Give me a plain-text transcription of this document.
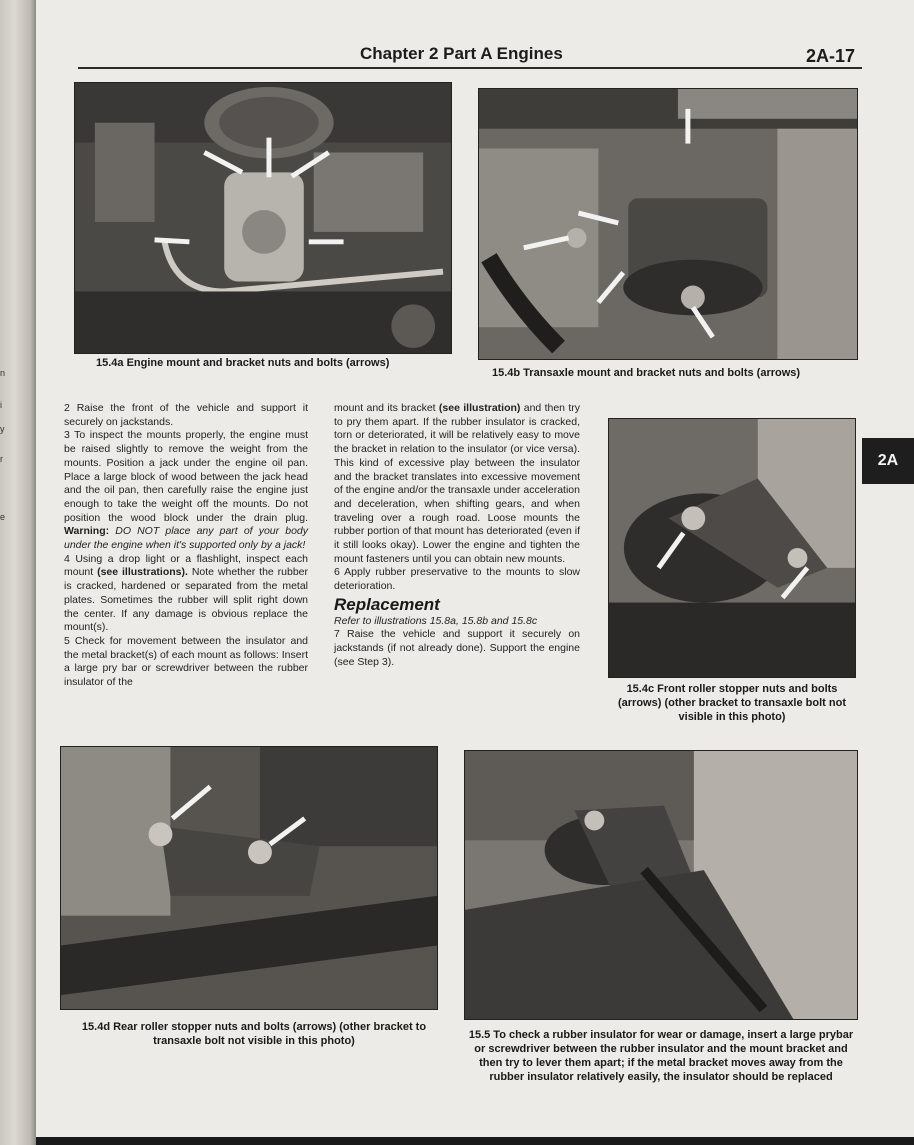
n
i
y
r
e
Chapter 2 Part A Engines	2A-17
2A
15.4a Engine mount and bracket nuts and bolts (arrows)
15.4b Transaxle mount and bracket nuts and bolts (arrows)

2 Raise the front of the vehicle and support it securely on jackstands.

3 To inspect the mounts properly, the engine must be raised slightly to remove the weight from the mounts. Position a jack under the engine oil pan. Place a large block of wood between the jack head and the oil pan, then carefully raise the engine just enough to take the weight off the mounts. Do not position the wood block under the drain plug. Warning: DO NOT place any part of your body under the engine when it's supported only by a jack!

4 Using a drop light or a flashlight, inspect each mount (see illustrations). Note whether the rubber is cracked, hardened or separated from the metal plates. Sometimes the rubber will split right down the center. If any damage is obvious replace the mount(s).

5 Check for movement between the insulator and the metal bracket(s) of each mount as follows: Insert a large pry bar or screwdriver between the rubber insulator of the

mount and its bracket (see illustration) and then try to pry them apart. If the rubber insulator is cracked, torn or deteriorated, it will be relatively easy to move the bracket in relation to the insulator (or vice versa). This kind of excessive play between the insulator and the bracket translates into excessive movement of the engine and/or the transaxle under acceleration and deceleration, when shifting gears, and when traveling over a rough road. Loose mounts the rubber portion of that mount has deteriorated (even if it still looks okay). Lower the engine and tighten the mount fasteners until you can obtain new mounts.

6 Apply rubber preservative to the mounts to slow deterioration.

Replacement

Refer to illustrations 15.8a, 15.8b and 15.8c

7 Raise the vehicle and support it securely on jackstands (if not already done). Support the engine (see Step 3).

15.4c Front roller stopper nuts and bolts (arrows) (other bracket to transaxle bolt not visible in this photo)
15.4d Rear roller stopper nuts and bolts (arrows) (other bracket to transaxle bolt not visible in this photo)	15.5 To check a rubber insulator for wear or damage, insert a large prybar or screwdriver between the rubber insulator and the mount bracket and then try to lever them apart; if the metal bracket moves away from the rubber insulator relatively easily, the insulator should be replaced
